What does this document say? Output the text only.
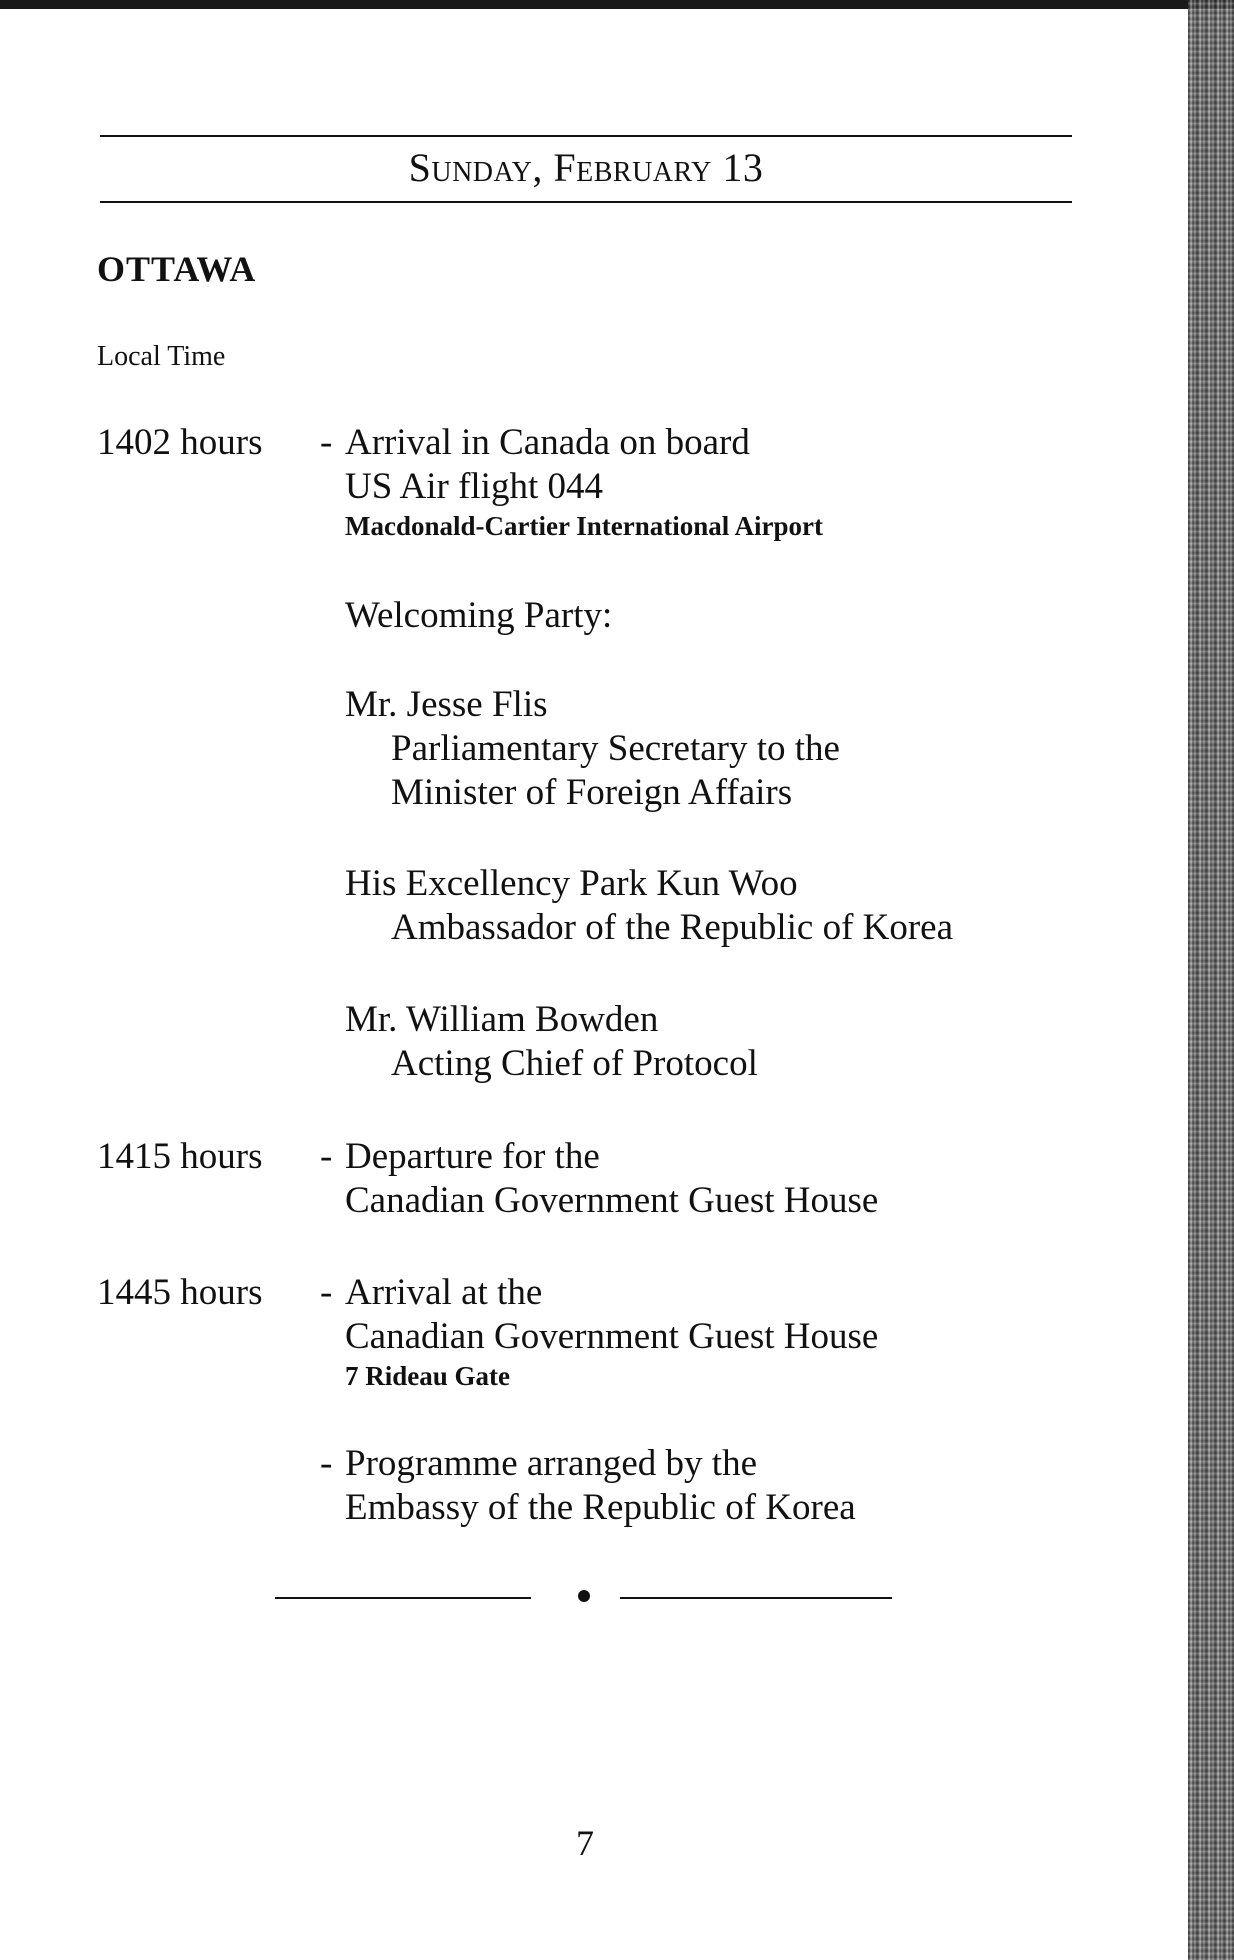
Sunday, February 13
OTTAWA
Local Time
1402 hours - Arrival in Canada on board
US Air flight 044
Macdonald-Cartier International Airport
Welcoming Party:
Mr. Jesse Flis
Parliamentary Secretary to the
Minister of Foreign Affairs
His Excellency Park Kun Woo
Ambassador of the Republic of Korea
Mr. William Bowden
Acting Chief of Protocol
1415 hours - Departure for the
Canadian Government Guest House
1445 hours - Arrival at the
Canadian Government Guest House
7 Rideau Gate
- Programme arranged by the
Embassy of the Republic of Korea
7
